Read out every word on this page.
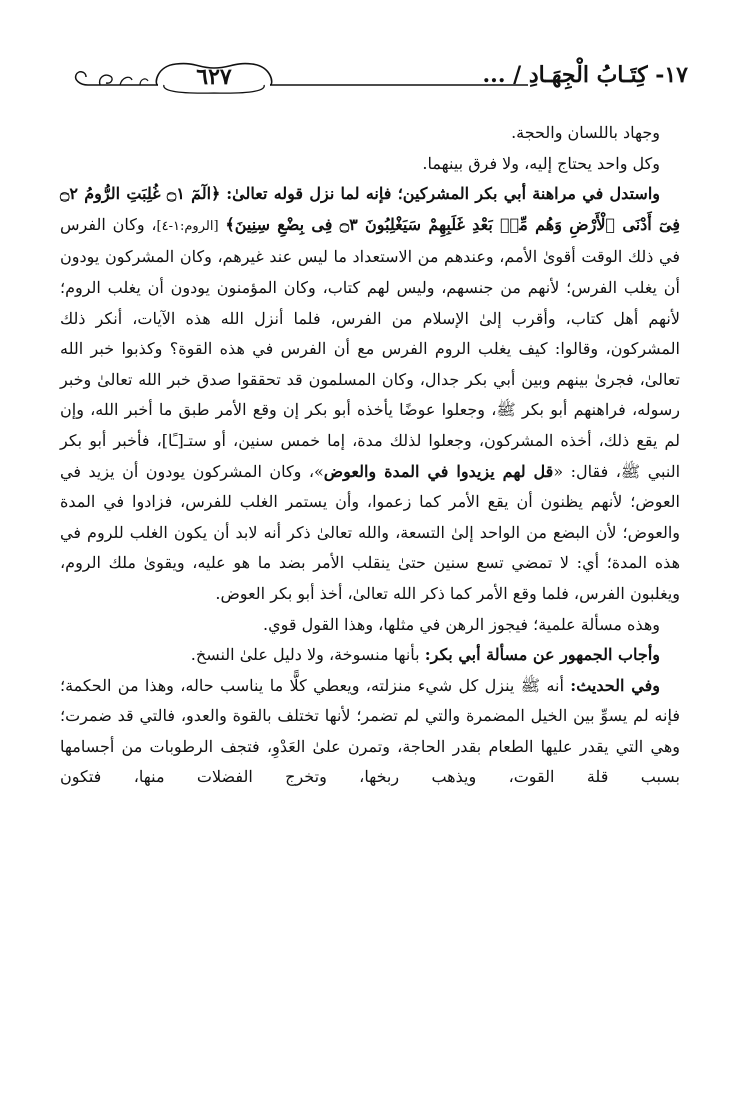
١٧- كِتَـابُ الْجِهَـادِ / ...
٦٢٧

وجهاد باللسان والحجة.

وكل واحد يحتاج إليه، ولا فرق بينهما.

واستدل في مراهنة أبي بكر المشركين؛ فإنه لما نزل قوله تعالىٰ: ﴿الٓمٓ ۝١ غُلِبَتِ الرُّومُ ۝٢ فِىٓ أَدْنَى ٱلْأَرْضِ وَهُم مِّنۢ بَعْدِ غَلَبِهِمْ سَيَغْلِبُونَ ۝٣ فِى بِضْعِ سِنِينَ﴾ [الروم:١-٤]، وكان الفرس في ذلك الوقت أقوىٰ الأمم، وعندهم من الاستعداد ما ليس عند غيرهم، وكان المشركون يودون أن يغلب الفرس؛ لأنهم من جنسهم، وليس لهم كتاب، وكان المؤمنون يودون أن يغلب الروم؛ لأنهم أهل كتاب، وأقرب إلىٰ الإسلام من الفرس، فلما أنزل الله هذه الآيات، أنكر ذلك المشركون، وقالوا: كيف يغلب الروم الفرس مع أن الفرس في هذه القوة؟ وكذبوا خبر الله تعالىٰ، فجرىٰ بينهم وبين أبي بكر جدال، وكان المسلمون قد تحققوا صدق خبر الله تعالىٰ وخبر رسوله، فراهنهم أبو بكر ﷺ، وجعلوا عوضًا يأخذه أبو بكر إن وقع الأمر طبق ما أخبر الله، وإن لم يقع ذلك، أخذه المشركون، وجعلوا لذلك مدة، إما خمس سنين، أو ستـ[ـًا]، فأخبر أبو بكر النبي ﷺ، فقال: «قل لهم يزيدوا في المدة والعوض»، وكان المشركون يودون أن يزيد في العوض؛ لأنهم يظنون أن يقع الأمر كما زعموا، وأن يستمر الغلب للفرس، فزادوا في المدة والعوض؛ لأن البضع من الواحد إلىٰ التسعة، والله تعالىٰ ذكر أنه لابد أن يكون الغلب للروم في هذه المدة؛ أي: لا تمضي تسع سنين حتىٰ ينقلب الأمر بضد ما هو عليه، ويقوىٰ ملك الروم، ويغلبون الفرس، فلما وقع الأمر كما ذكر الله تعالىٰ، أخذ أبو بكر العوض.

وهذه مسألة علمية؛ فيجوز الرهن في مثلها، وهذا القول قوي.

وأجاب الجمهور عن مسألة أبي بكر: بأنها منسوخة، ولا دليل علىٰ النسخ.

وفي الحديث: أنه ﷺ ينزل كل شيء منزلته، ويعطي كلًّا ما يناسب حاله، وهذا من الحكمة؛ فإنه لم يسوِّ بين الخيل المضمرة والتي لم تضمر؛ لأنها تختلف بالقوة والعدو، فالتي قد ضمرت؛ وهي التي يقدر عليها الطعام بقدر الحاجة، وتمرن علىٰ العَدْوِ، فتجف الرطوبات من أجسامها بسبب قلة القوت، ويذهب ربخها، وتخرج الفضلات منها، فتكون
